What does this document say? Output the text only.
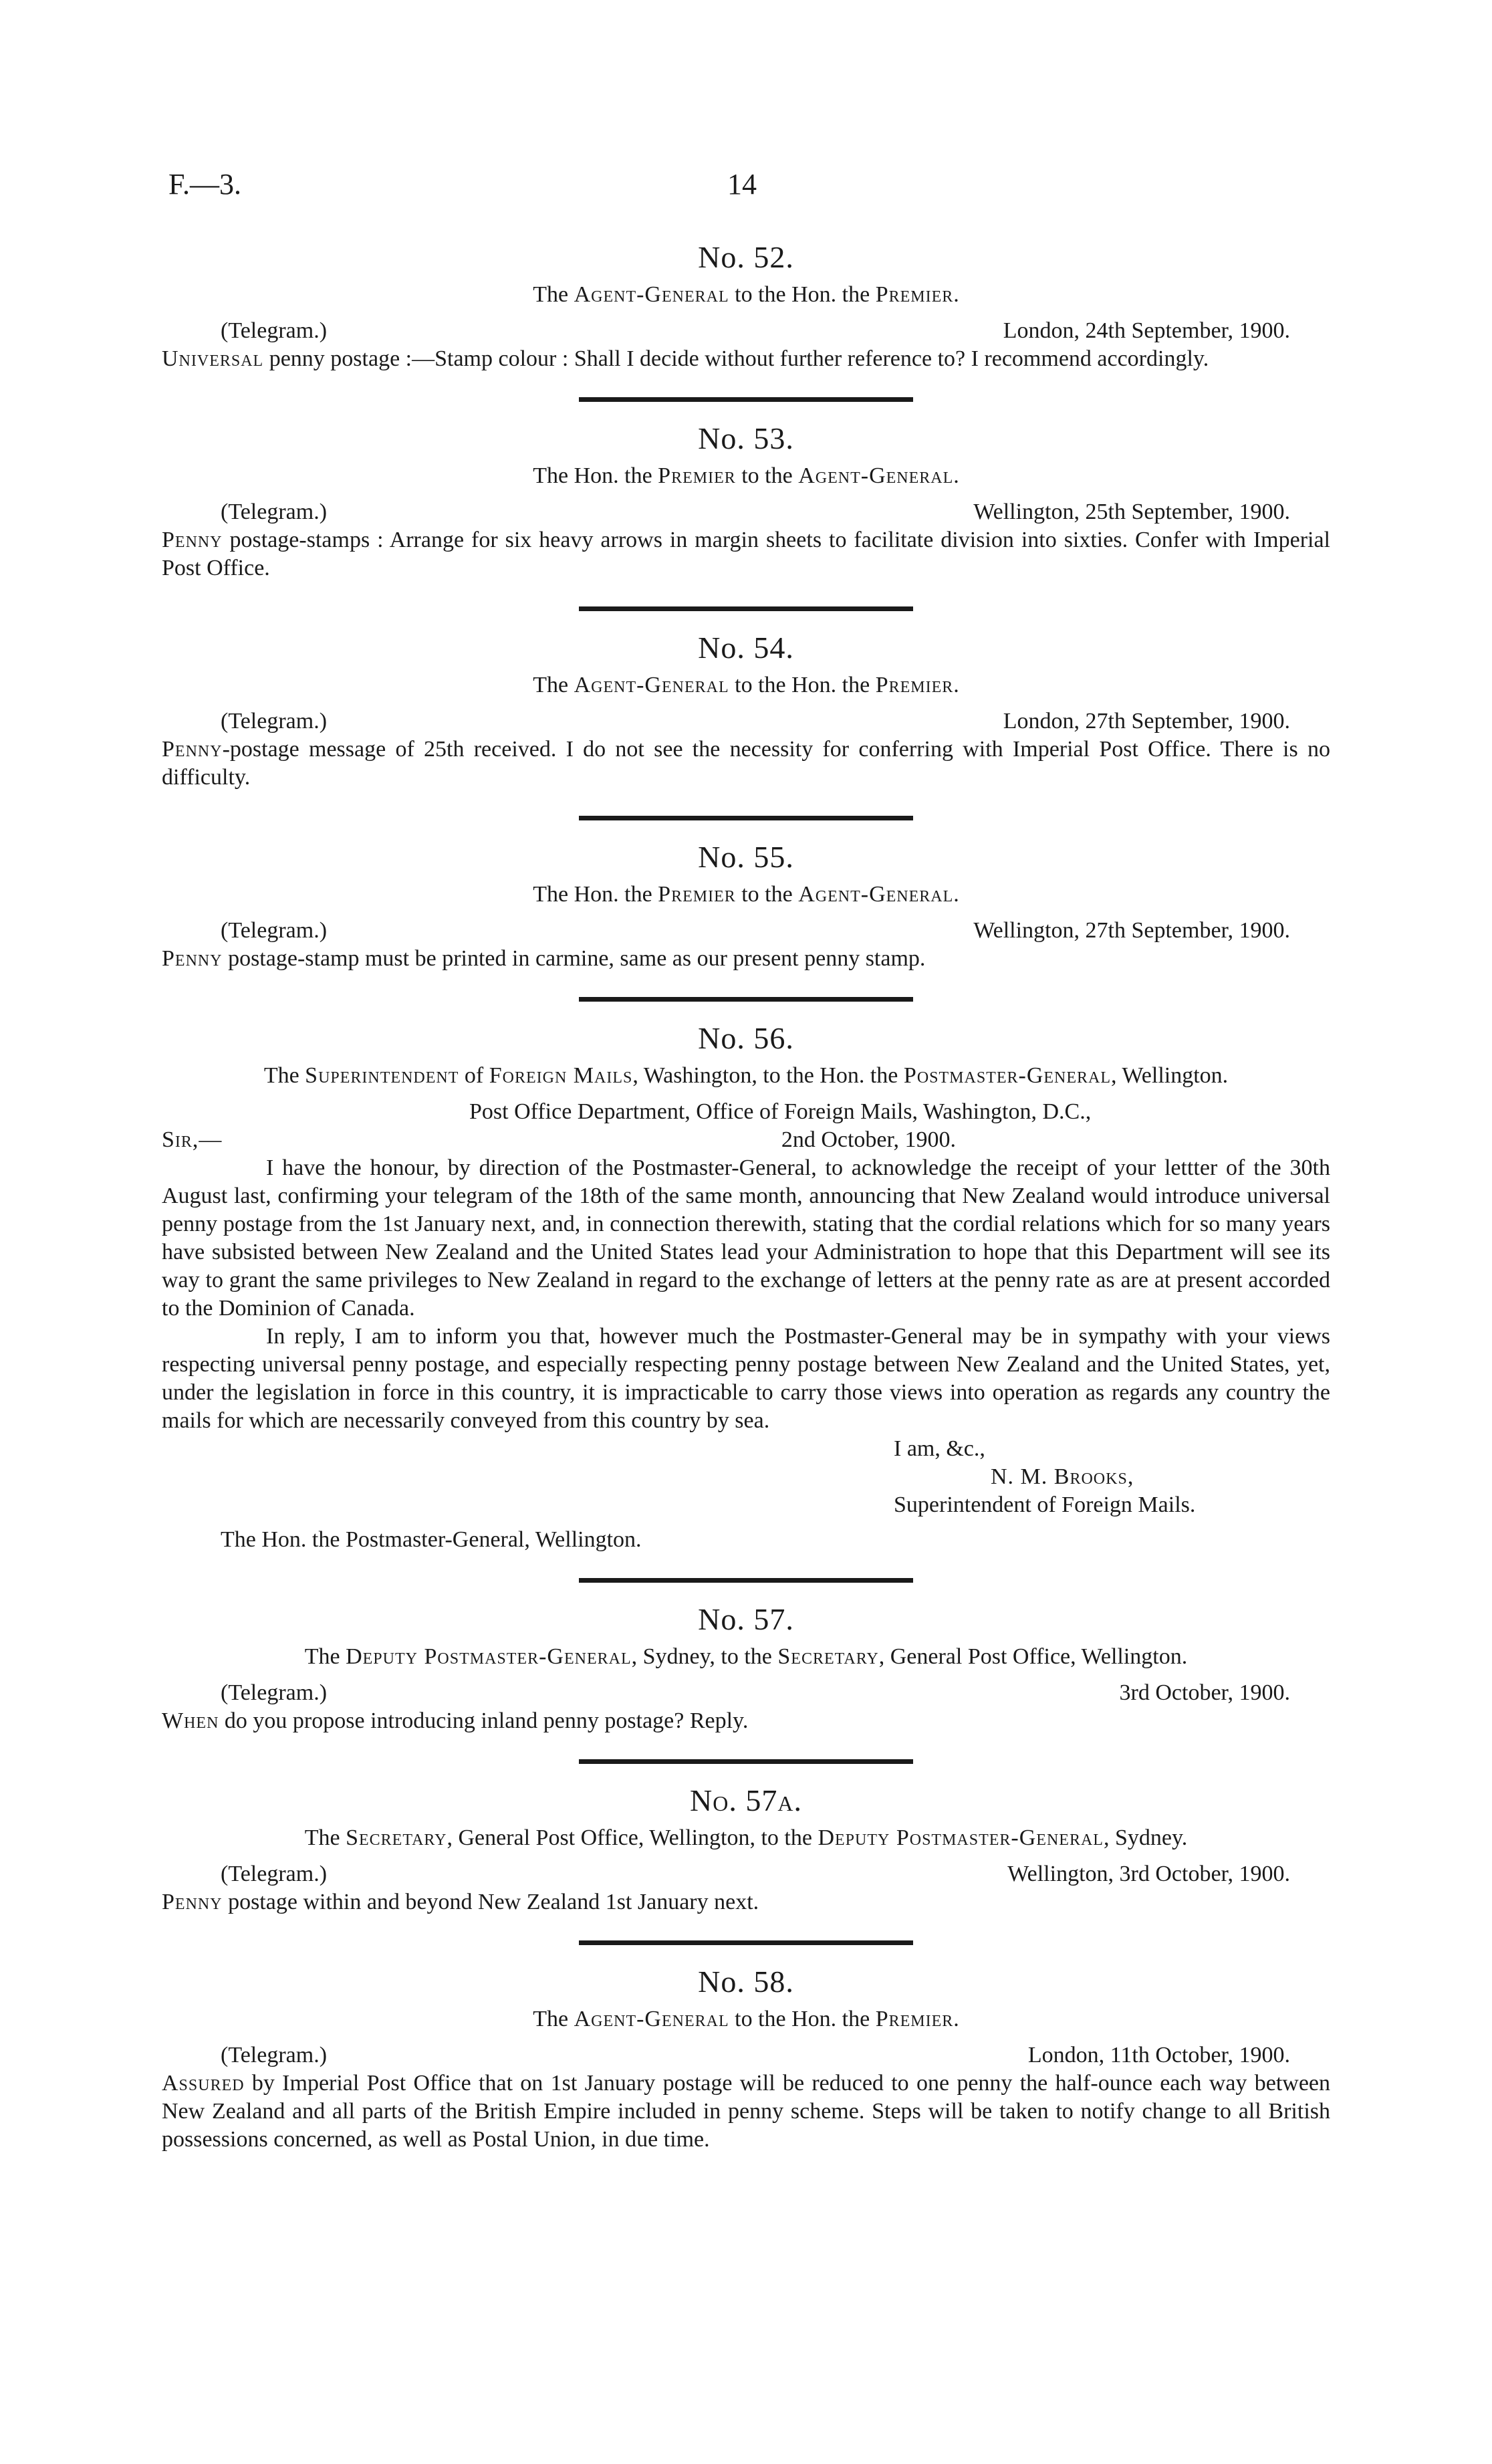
F.—3.	14
No. 52.
The Agent-General to the Hon. the Premier.
(Telegram.)	London, 24th September, 1900.
Universal penny postage :—Stamp colour : Shall I decide without further reference to? I recommend accordingly.
No. 53.
The Hon. the Premier to the Agent-General.
(Telegram.)	Wellington, 25th September, 1900.
Penny postage-stamps : Arrange for six heavy arrows in margin sheets to facilitate division into sixties. Confer with Imperial Post Office.
No. 54.
The Agent-General to the Hon. the Premier.
(Telegram.)	London, 27th September, 1900.
Penny-postage message of 25th received. I do not see the necessity for conferring with Imperial Post Office. There is no difficulty.
No. 55.
The Hon. the Premier to the Agent-General.
(Telegram.)	Wellington, 27th September, 1900.
Penny postage-stamp must be printed in carmine, same as our present penny stamp.
No. 56.
The Superintendent of Foreign Mails, Washington, to the Hon. the Postmaster-General, Wellington.
Post Office Department, Office of Foreign Mails, Washington, D.C.,
Sir,—	2nd October, 1900.
I have the honour, by direction of the Postmaster-General, to acknowledge the receipt of your lettter of the 30th August last, confirming your telegram of the 18th of the same month, announcing that New Zealand would introduce universal penny postage from the 1st January next, and, in connection therewith, stating that the cordial relations which for so many years have subsisted between New Zealand and the United States lead your Administration to hope that this Department will see its way to grant the same privileges to New Zealand in regard to the exchange of letters at the penny rate as are at present accorded to the Dominion of Canada.
In reply, I am to inform you that, however much the Postmaster-General may be in sympathy with your views respecting universal penny postage, and especially respecting penny postage between New Zealand and the United States, yet, under the legislation in force in this country, it is impracticable to carry those views into operation as regards any country the mails for which are necessarily conveyed from this country by sea.
I am, &c.,
N. M. Brooks,
Superintendent of Foreign Mails.
The Hon. the Postmaster-General, Wellington.
No. 57.
The Deputy Postmaster-General, Sydney, to the Secretary, General Post Office, Wellington.
(Telegram.)	3rd October, 1900.
When do you propose introducing inland penny postage? Reply.
No. 57a.
The Secretary, General Post Office, Wellington, to the Deputy Postmaster-General, Sydney.
(Telegram.)	Wellington, 3rd October, 1900.
Penny postage within and beyond New Zealand 1st January next.
No. 58.
The Agent-General to the Hon. the Premier.
(Telegram.)	London, 11th October, 1900.
Assured by Imperial Post Office that on 1st January postage will be reduced to one penny the half-ounce each way between New Zealand and all parts of the British Empire included in penny scheme. Steps will be taken to notify change to all British possessions concerned, as well as Postal Union, in due time.
